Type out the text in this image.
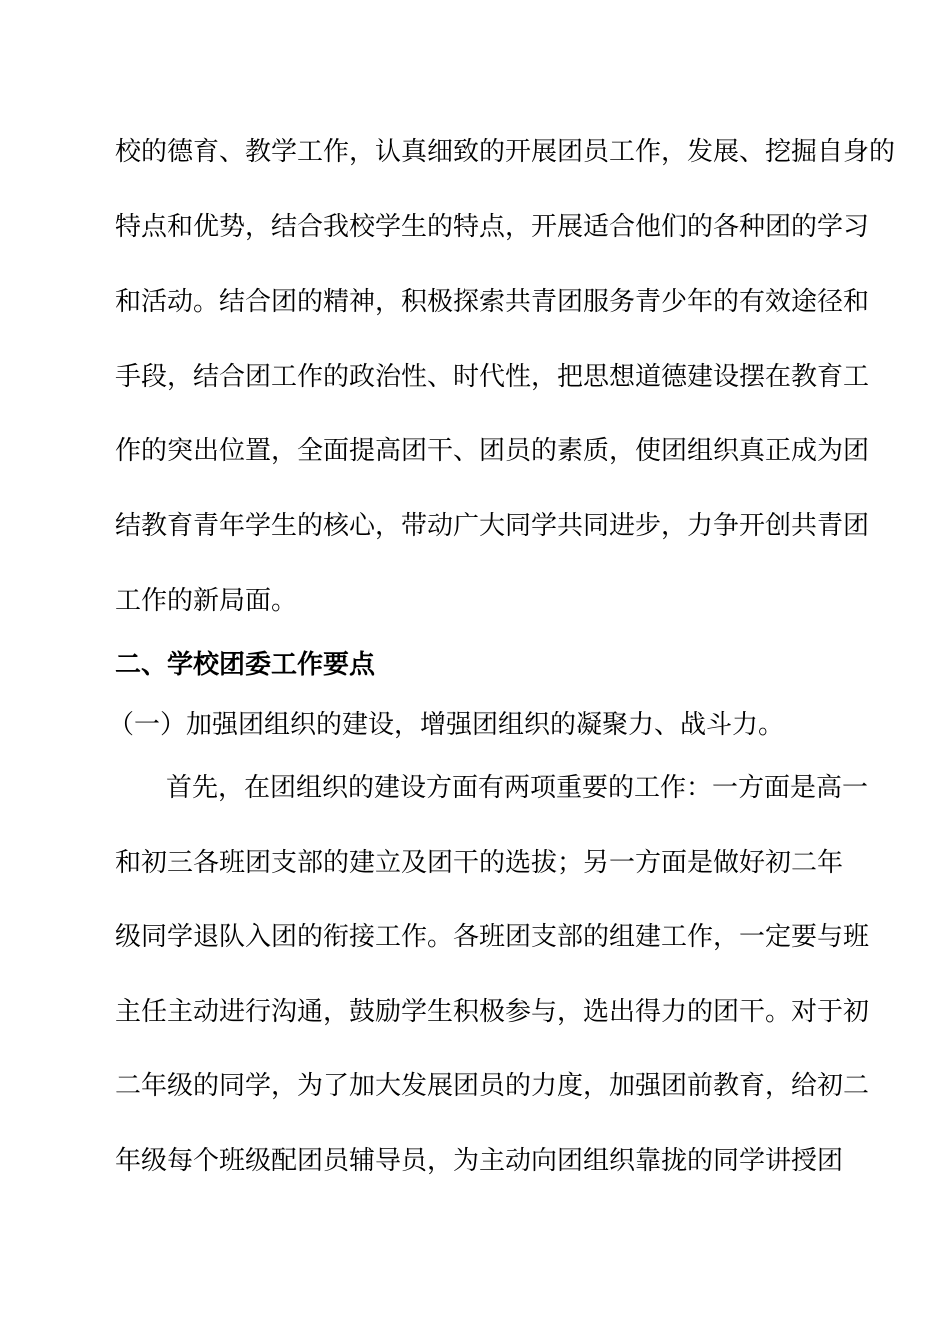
校的德育、教学工作，认真细致的开展团员工作，发展、挖掘自身的
特点和优势，结合我校学生的特点，开展适合他们的各种团的学习
和活动。结合团的精神，积极探索共青团服务青少年的有效途径和
手段，结合团工作的政治性、时代性，把思想道德建设摆在教育工
作的突出位置，全面提高团干、团员的素质，使团组织真正成为团
结教育青年学生的核心，带动广大同学共同进步，力争开创共青团
工作的新局面。
二、学校团委工作要点
（一）加强团组织的建设，增强团组织的凝聚力、战斗力。
首先，在团组织的建设方面有两项重要的工作：一方面是高一
和初三各班团支部的建立及团干的选拔；另一方面是做好初二年
级同学退队入团的衔接工作。各班团支部的组建工作，一定要与班
主任主动进行沟通，鼓励学生积极参与，选出得力的团干。对于初
二年级的同学，为了加大发展团员的力度，加强团前教育，给初二
年级每个班级配团员辅导员，为主动向团组织靠拢的同学讲授团
